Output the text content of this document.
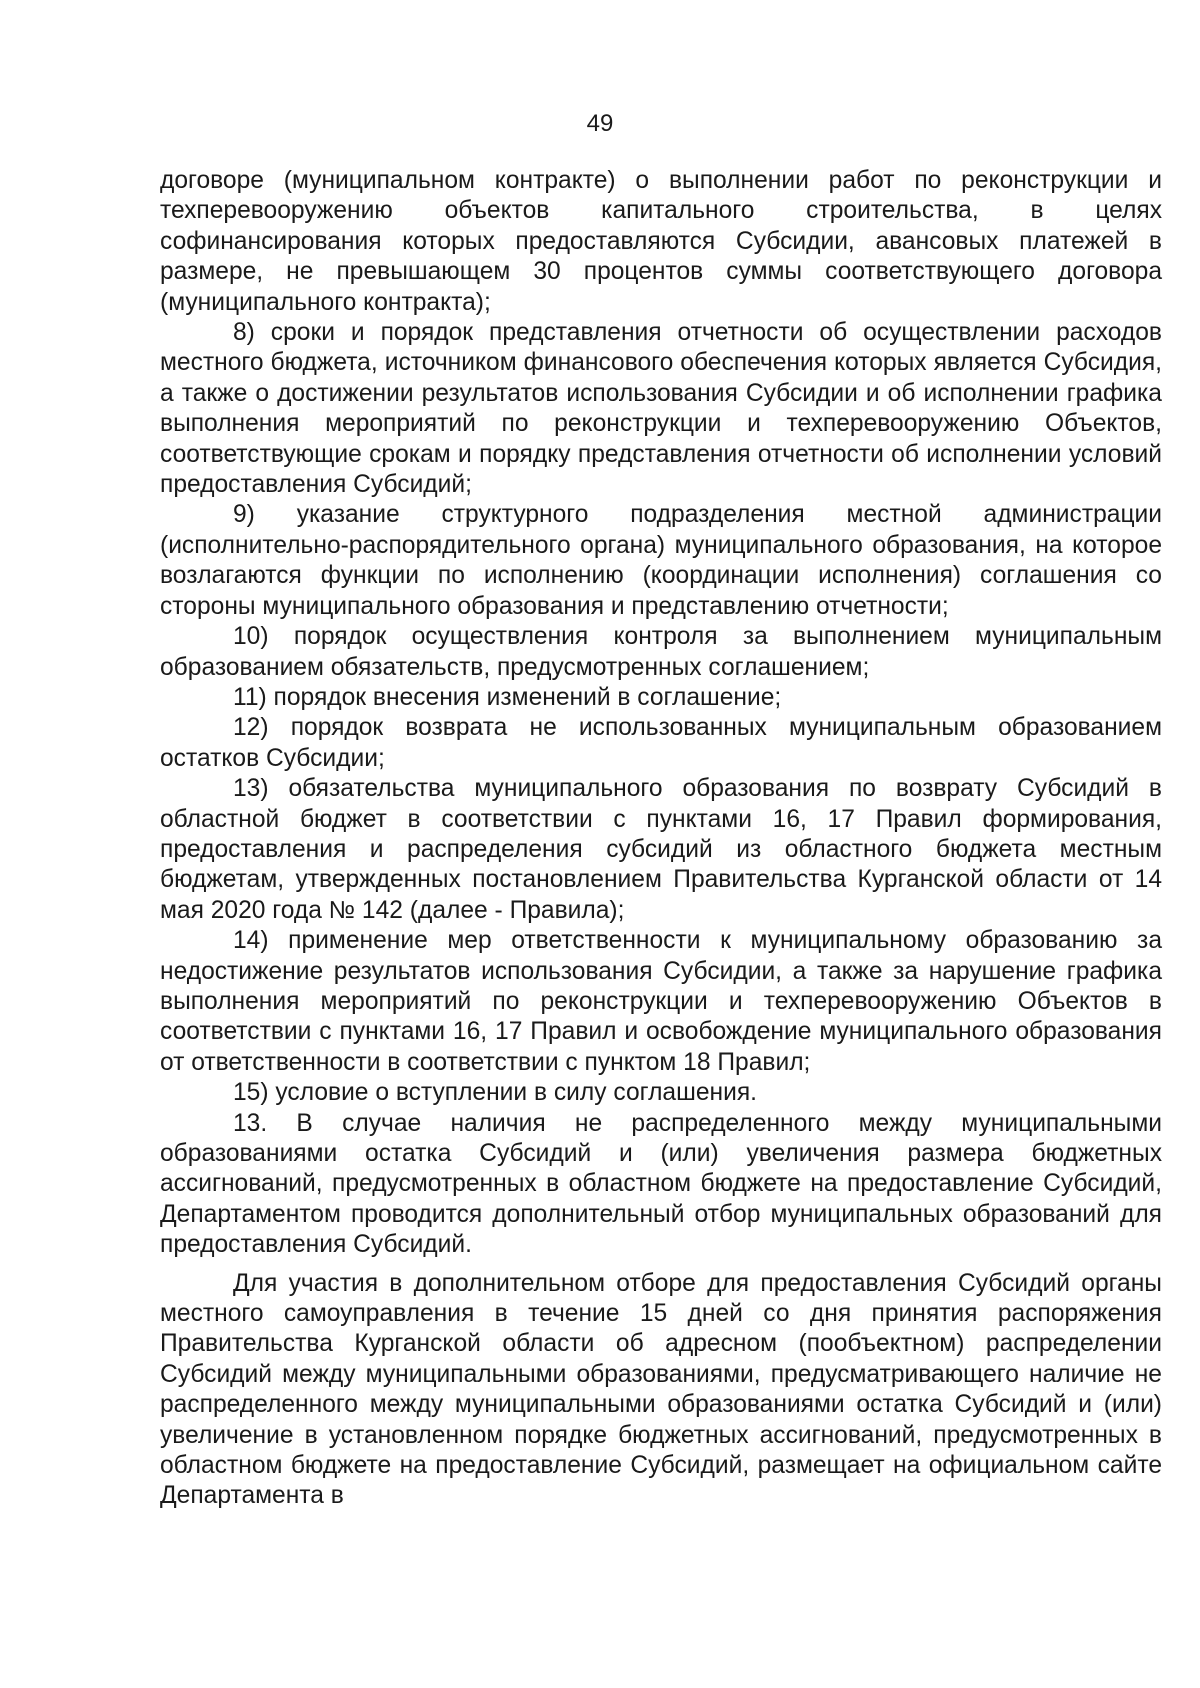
49

договоре (муниципальном контракте) о выполнении работ по реконструкции и техперевооружению объектов капитального строительства, в целях софинансирования которых предоставляются Субсидии, авансовых платежей в размере, не превышающем 30 процентов суммы соответствующего договора (муниципального контракта);

8) сроки и порядок представления отчетности об осуществлении расходов местного бюджета, источником финансового обеспечения которых является Субсидия, а также о достижении результатов использования Субсидии и об исполнении графика выполнения мероприятий по реконструкции и техперевооружению Объектов, соответствующие срокам и порядку представления отчетности об исполнении условий предоставления Субсидий;

9) указание структурного подразделения местной администрации (исполнительно-распорядительного органа) муниципального образования, на которое возлагаются функции по исполнению (координации исполнения) соглашения со стороны муниципального образования и представлению отчетности;

10) порядок осуществления контроля за выполнением муниципальным образованием обязательств, предусмотренных соглашением;

11) порядок внесения изменений в соглашение;

12) порядок возврата не использованных муниципальным образованием остатков Субсидии;

13) обязательства муниципального образования по возврату Субсидий в областной бюджет в соответствии с пунктами 16, 17 Правил формирования, предоставления и распределения субсидий из областного бюджета местным бюджетам, утвержденных постановлением Правительства Курганской области от 14 мая 2020 года № 142 (далее - Правила);

14) применение мер ответственности к муниципальному образованию за недостижение результатов использования Субсидии, а также за нарушение графика выполнения мероприятий по реконструкции и техперевооружению Объектов в соответствии с пунктами 16, 17 Правил и освобождение муниципального образования от ответственности в соответствии с пунктом 18 Правил;

15) условие о вступлении в силу соглашения.

13. В случае наличия не распределенного между муниципальными образованиями остатка Субсидий и (или) увеличения размера бюджетных ассигнований, предусмотренных в областном бюджете на предоставление Субсидий, Департаментом проводится дополнительный отбор муниципальных образований для предоставления Субсидий.

Для участия в дополнительном отборе для предоставления Субсидий органы местного самоуправления в течение 15 дней со дня принятия распоряжения Правительства Курганской области об адресном (пообъектном) распределении Субсидий между муниципальными образованиями, предусматривающего наличие не распределенного между муниципальными образованиями остатка Субсидий и (или) увеличение в установленном порядке бюджетных ассигнований, предусмотренных в областном бюджете на предоставление Субсидий, размещает на официальном сайте Департамента в
